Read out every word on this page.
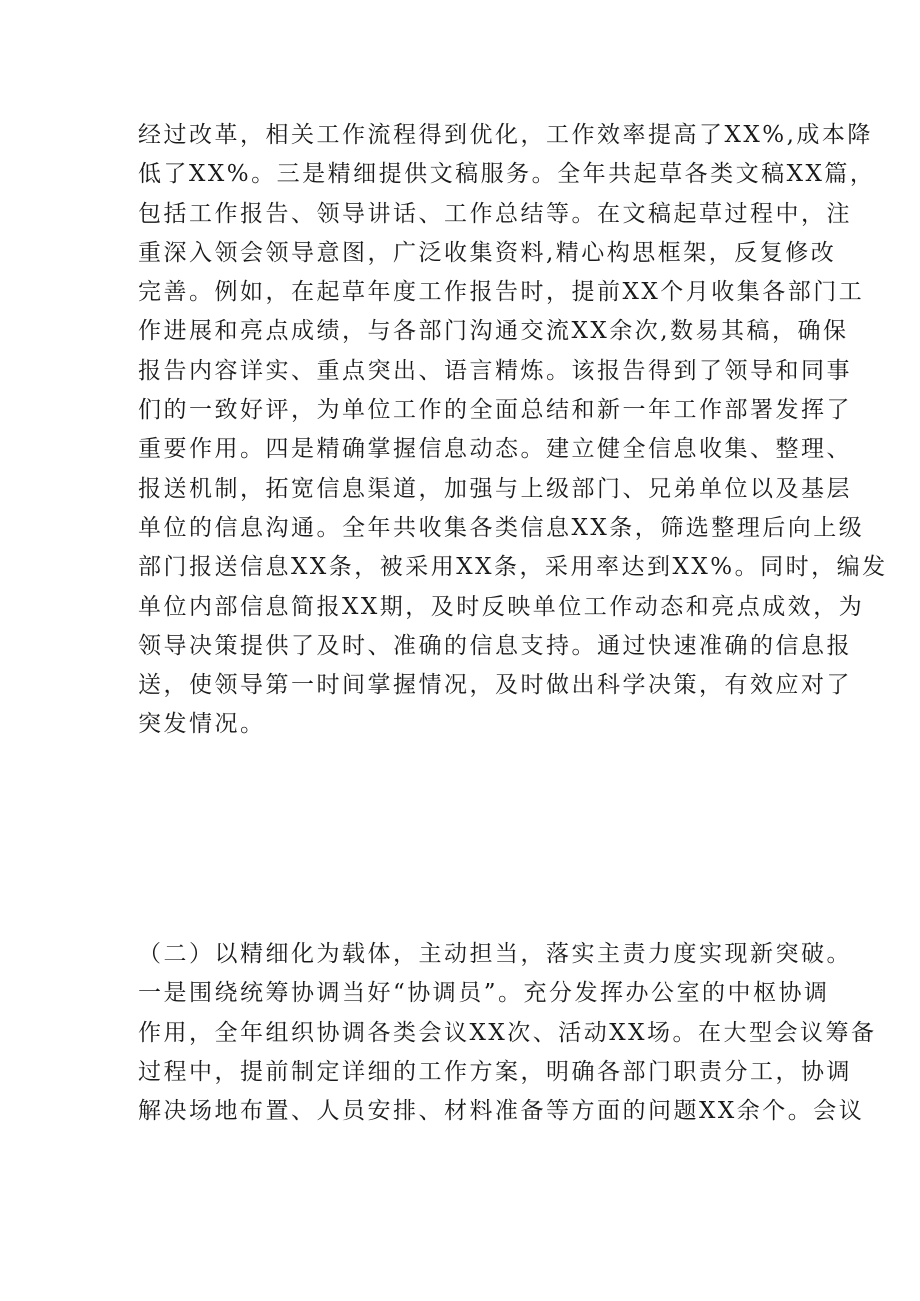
经过改革，相关工作流程得到优化，工作效率提高了XX%,成本降
低了XX%。三是精细提供文稿服务。全年共起草各类文稿XX篇，
包括工作报告、领导讲话、工作总结等。在文稿起草过程中，注
重深入领会领导意图，广泛收集资料,精心构思框架，反复修改
完善。例如，在起草年度工作报告时，提前XX个月收集各部门工
作进展和亮点成绩，与各部门沟通交流XX余次,数易其稿，确保
报告内容详实、重点突出、语言精炼。该报告得到了领导和同事
们的一致好评，为单位工作的全面总结和新一年工作部署发挥了
重要作用。四是精确掌握信息动态。建立健全信息收集、整理、
报送机制，拓宽信息渠道，加强与上级部门、兄弟单位以及基层
单位的信息沟通。全年共收集各类信息XX条，筛选整理后向上级
部门报送信息XX条，被采用XX条，采用率达到XX%。同时，编发
单位内部信息简报XX期，及时反映单位工作动态和亮点成效，为
领导决策提供了及时、准确的信息支持。通过快速准确的信息报
送，使领导第一时间掌握情况，及时做出科学决策，有效应对了
突发情况。
（二）以精细化为载体，主动担当，落实主责力度实现新突破。
一是围绕统筹协调当好“协调员”。充分发挥办公室的中枢协调
作用，全年组织协调各类会议XX次、活动XX场。在大型会议筹备
过程中，提前制定详细的工作方案，明确各部门职责分工，协调
解决场地布置、人员安排、材料准备等方面的问题XX余个。会议
